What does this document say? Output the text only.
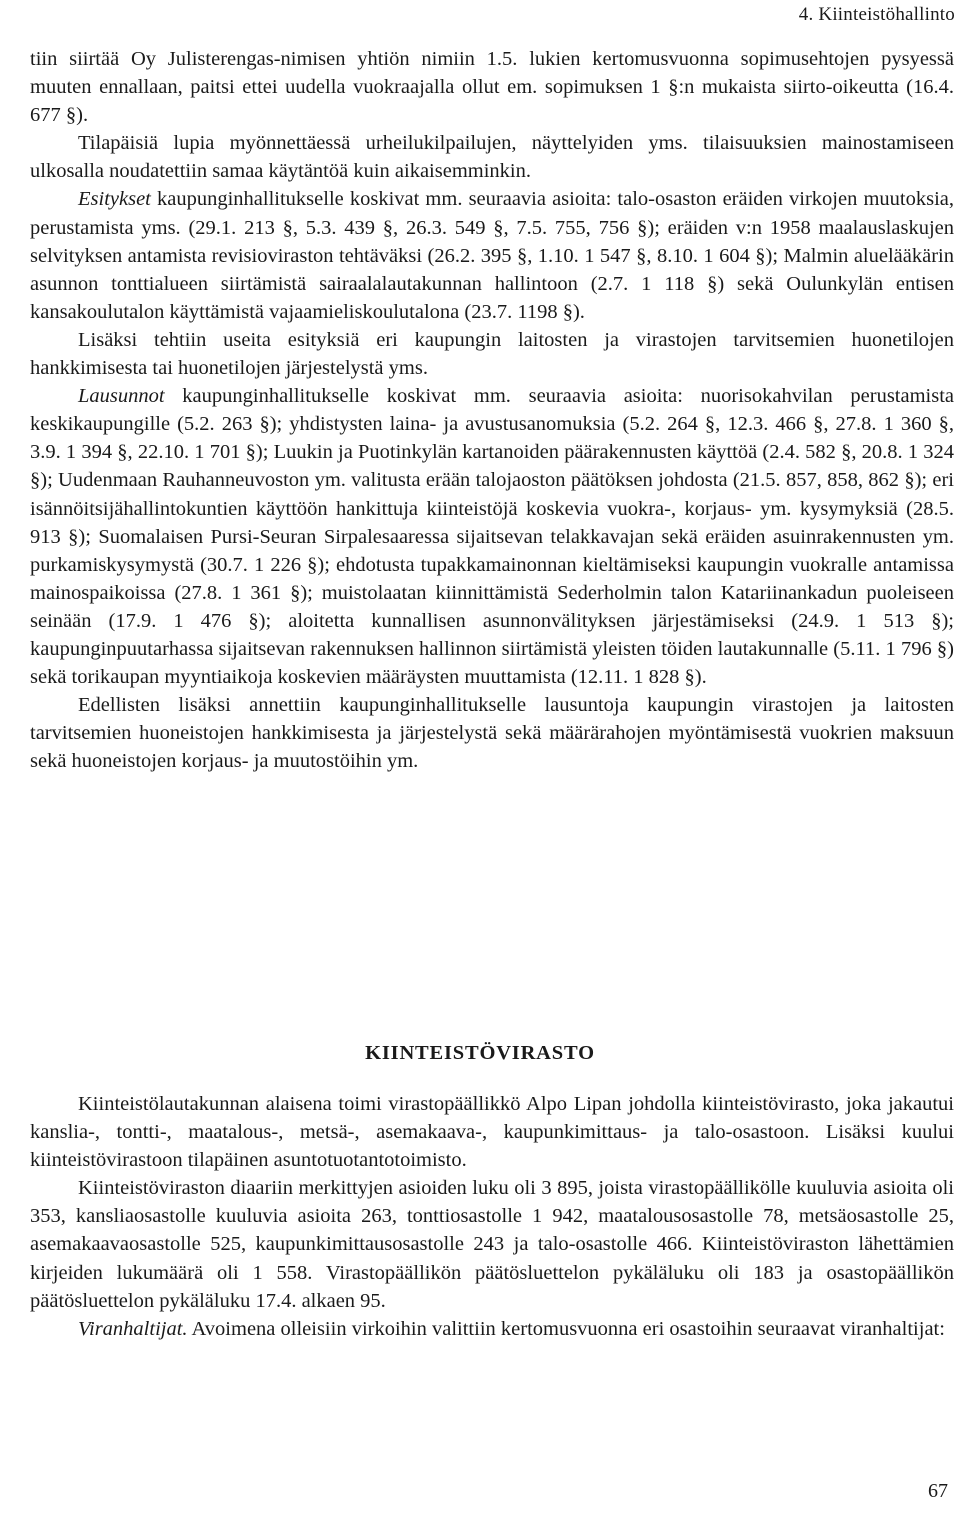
4. Kiinteistöhallinto

tiin siirtää Oy Julisterengas-nimisen yhtiön nimiin 1.5. lukien kertomusvuonna sopimusehtojen pysyessä muuten ennallaan, paitsi ettei uudella vuokraajalla ollut em. sopimuksen 1 §:n mukaista siirto-oikeutta (16.4. 677 §).

Tilapäisiä lupia myönnettäessä urheilukilpailujen, näyttelyiden yms. tilaisuuksien mainostamiseen ulkosalla noudatettiin samaa käytäntöä kuin aikaisemminkin.

Esitykset kaupunginhallitukselle koskivat mm. seuraavia asioita: talo-osaston eräiden virkojen muutoksia, perustamista yms. (29.1. 213 §, 5.3. 439 §, 26.3. 549 §, 7.5. 755, 756 §); eräiden v:n 1958 maalauslaskujen selvityksen antamista revisioviraston tehtäväksi (26.2. 395 §, 1.10. 1 547 §, 8.10. 1 604 §); Malmin aluelääkärin asunnon tonttialueen siirtämistä sairaalalautakunnan hallintoon (2.7. 1 118 §) sekä Oulunkylän entisen kansakoulutalon käyttämistä vajaamieliskoulutalona (23.7. 1198 §).

Lisäksi tehtiin useita esityksiä eri kaupungin laitosten ja virastojen tarvitsemien huonetilojen hankkimisesta tai huonetilojen järjestelystä yms.

Lausunnot kaupunginhallitukselle koskivat mm. seuraavia asioita: nuorisokahvilan perustamista keskikaupungille (5.2. 263 §); yhdistysten laina- ja avustusanomuksia (5.2. 264 §, 12.3. 466 §, 27.8. 1 360 §, 3.9. 1 394 §, 22.10. 1 701 §); Luukin ja Puotinkylän kartanoiden päärakennusten käyttöä (2.4. 582 §, 20.8. 1 324 §); Uudenmaan Rauhanneuvoston ym. valitusta erään talojaoston päätöksen johdosta (21.5. 857, 858, 862 §); eri isännöitsijähallintokuntien käyttöön hankittuja kiinteistöjä koskevia vuokra-, korjaus- ym. kysymyksiä (28.5. 913 §); Suomalaisen Pursi-Seuran Sirpalesaaressa sijaitsevan telakkavajan sekä eräiden asuinrakennusten ym. purkamiskysymystä (30.7. 1 226 §); ehdotusta tupakkamainonnan kieltämiseksi kaupungin vuokralle antamissa mainospaikoissa (27.8. 1 361 §); muistolaatan kiinnittämistä Sederholmin talon Katariinankadun puoleiseen seinään (17.9. 1 476 §); aloitetta kunnallisen asunnonvälityksen järjestämiseksi (24.9. 1 513 §); kaupunginpuutarhassa sijaitsevan rakennuksen hallinnon siirtämistä yleisten töiden lautakunnalle (5.11. 1 796 §) sekä torikaupan myyntiaikoja koskevien määräysten muuttamista (12.11. 1 828 §).

Edellisten lisäksi annettiin kaupunginhallitukselle lausuntoja kaupungin virastojen ja laitosten tarvitsemien huoneistojen hankkimisesta ja järjestelystä sekä määrärahojen myöntämisestä vuokrien maksuun sekä huoneistojen korjaus- ja muutostöihin ym.

KIINTEISTÖVIRASTO

Kiinteistölautakunnan alaisena toimi virastopäällikkö Alpo Lipan johdolla kiinteistövirasto, joka jakautui kanslia-, tontti-, maatalous-, metsä-, asemakaava-, kaupunkimittaus- ja talo-osastoon. Lisäksi kuului kiinteistövirastoon tilapäinen asuntotuotantotoimisto.

Kiinteistöviraston diaariin merkittyjen asioiden luku oli 3 895, joista virastopäällikölle kuuluvia asioita oli 353, kansliaosastolle kuuluvia asioita 263, tonttiosastolle 1 942, maatalousosastolle 78, metsäosastolle 25, asemakaavaosastolle 525, kaupunkimittausosastolle 243 ja talo-osastolle 466. Kiinteistöviraston lähettämien kirjeiden lukumäärä oli 1 558. Virastopäällikön päätösluettelon pykäläluku oli 183 ja osastopäällikön päätösluettelon pykäläluku 17.4. alkaen 95.

Viranhaltijat. Avoimena olleisiin virkoihin valittiin kertomusvuonna eri osastoihin seuraavat viranhaltijat:

67
